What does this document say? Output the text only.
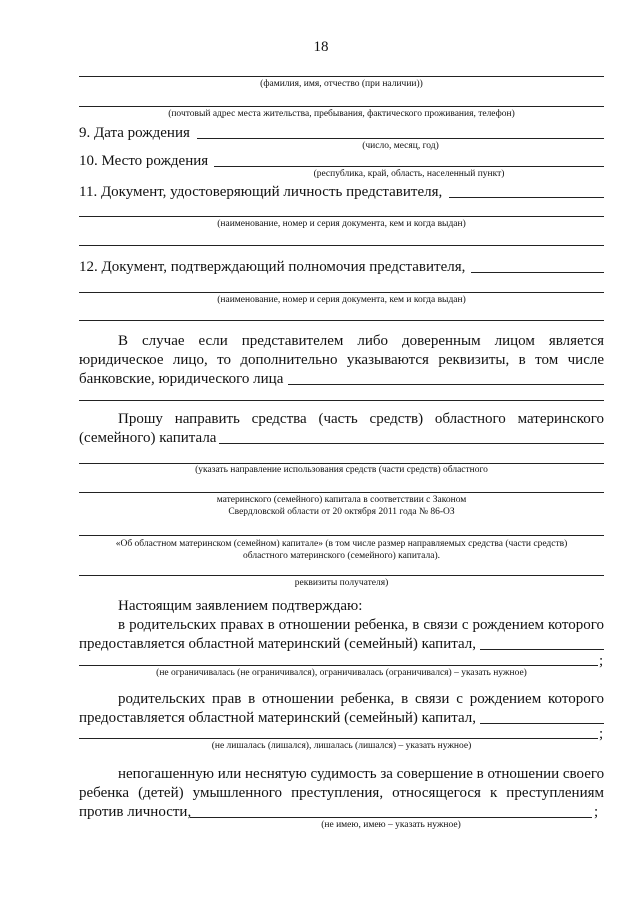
18
(фамилия, имя, отчество (при наличии))
(почтовый адрес места жительства, пребывания, фактического проживания, телефон)
9. Дата рождения
(число, месяц, год)
10. Место рождения
(республика, край, область, населенный пункт)
11. Документ, удостоверяющий личность представителя,
(наименование, номер и серия документа, кем и когда выдан)
12. Документ, подтверждающий полномочия представителя,
(наименование, номер и серия документа, кем и когда выдан)
В случае если представителем либо доверенным лицом является
юридическое лицо, то дополнительно указываются реквизиты, в том числе
банковские, юридического лица
Прошу направить средства (часть средств) областного материнского
(семейного) капитала
(указать направление использования средств (части средств) областного
материнского (семейного) капитала в соответствии с Законом
Свердловской области от 20 октября 2011 года № 86-ОЗ
«Об областном материнском (семейном) капитале» (в том числе размер направляемых средства (части средств)
областного материнского (семейного) капитала).
реквизиты получателя)
Настоящим заявлением подтверждаю:
в родительских правах в отношении ребенка, в связи с рождением которого
предоставляется областной материнский (семейный) капитал,
;
(не ограничивалась (не ограничивался), ограничивалась (ограничивался) – указать нужное)
родительских прав в отношении ребенка, в связи с рождением которого
предоставляется областной материнский (семейный) капитал,
;
(не лишалась (лишался), лишалась (лишался) – указать нужное)
непогашенную или неснятую судимость за совершение в отношении своего
ребенка (детей) умышленного преступления, относящегося к преступлениям
против личности,	;
(не имею, имею – указать нужное)
